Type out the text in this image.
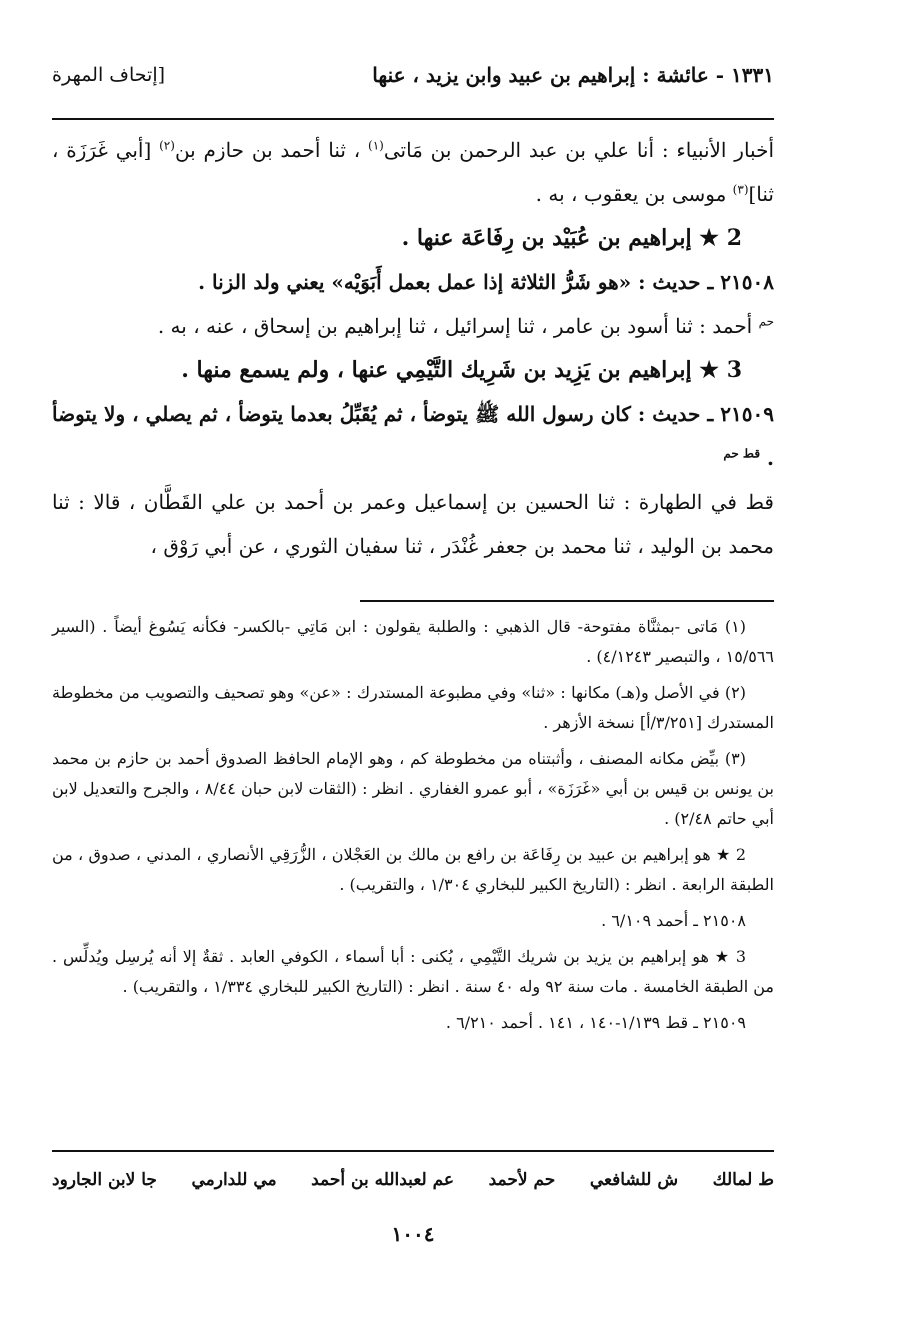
١٣٣١ - عائشة : إبراهيم بن عبيد وابن يزيد ، عنها
[إتحاف المهرة

أخبار الأنبياء : أنا علي بن عبد الرحمن بن مَاتى$^{(١)}$ ، ثنا أحمد بن حازم بن$^{(٢)}$ [أبي غَرَزَة ، ثنا]$^{(٣)}$ موسى بن يعقوب ، به .

2 ★ إبراهيم بن عُبَيْد بن رِفَاعَة عنها .

٢١٥٠٨ ـ حديث : «هو شَرُّ الثلاثة إذا عمل بعمل أَبَوَيْه» يعني ولد الزنا .

$^{حم}$ أحمد : ثنا أسود بن عامر ، ثنا إسرائيل ، ثنا إبراهيم بن إسحاق ، عنه ، به .

3 ★ إبراهيم بن يَزِيد بن شَرِيك التَّيْمِي عنها ، ولم يسمع منها .

٢١٥٠٩ ـ حديث : كان رسول الله ﷺ يتوضأ ، ثم يُقَبِّلُ بعدما يتوضأ ، ثم يصلي ، ولا يتوضأ . $^{قط حم}$

قط في الطهارة : ثنا الحسين بن إسماعيل وعمر بن أحمد بن علي القَطَّان ، قالا : ثنا محمد بن الوليد ، ثنا محمد بن جعفر غُنْدَر ، ثنا سفيان الثوري ، عن أبي رَوْق ،

(١) مَاتى -بمثنَّاة مفتوحة- قال الذهبي : والطلبة يقولون : ابن مَاتِي -بالكسر- فكأنه يَسُوغ أيضاً . (السير ١٥/٥٦٦ ، والتبصير ٤/١٢٤٣) .

(٢) في الأصل و(هـ) مكانها : «ثنا» وفي مطبوعة المستدرك : «عن» وهو تصحيف والتصويب من مخطوطة المستدرك [٣/٢٥١/أ] نسخة الأزهر .

(٣) بيِّض مكانه المصنف ، وأثبتناه من مخطوطة كم ، وهو الإمام الحافظ الصدوق أحمد بن حازم بن محمد بن يونس بن قيس بن أبي «غَرَزَة» ، أبو عمرو الغفاري . انظر : (الثقات لابن حبان ٨/٤٤ ، والجرح والتعديل لابن أبي حاتم ٢/٤٨) .

2 ★ هو إبراهيم بن عبيد بن رِفَاعَة بن رافع بن مالك بن العَجْلان ، الزُّرَقِي الأنصاري ، المدني ، صدوق ، من الطبقة الرابعة . انظر : (التاريخ الكبير للبخاري ١/٣٠٤ ، والتقريب) .

٢١٥٠٨ ـ أحمد ٦/١٠٩ .

3 ★ هو إبراهيم بن يزيد بن شريك التَّيْمِي ، يُكنى : أبا أسماء ، الكوفي العابد . ثقةٌ إلا أنه يُرسِل ويُدلِّس . من الطبقة الخامسة . مات سنة ٩٢ وله ٤٠ سنة . انظر : (التاريخ الكبير للبخاري ١/٣٣٤ ، والتقريب) .

٢١٥٠٩ ـ قط ١/١٣٩-١٤٠ ، ١٤١ . أحمد ٦/٢١٠ .

ط لمالك
ش للشافعي
حم لأحمد
عم لعبدالله بن أحمد
مي للدارمي
جا لابن الجارود
١٠٠٤
